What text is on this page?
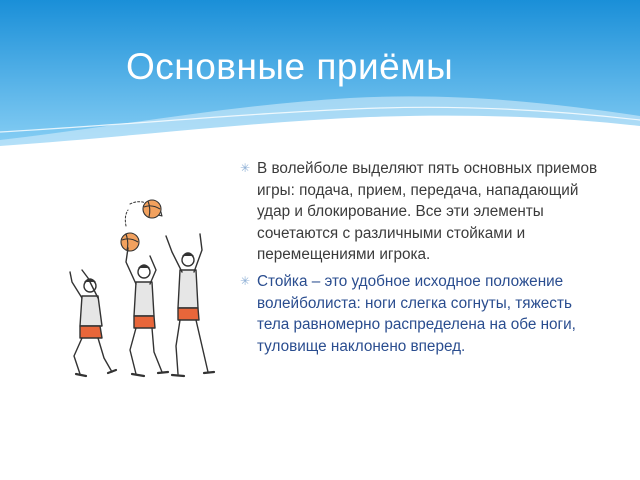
Основные приёмы
✳ В волейболе выделяют пять основных приемов игры: подача, прием, передача, нападающий удар и блокирование. Все эти элементы сочетаются с различными стойками и перемещениями игрока.
✳ Стойка – это удобное исходное положение волейболиста: ноги слегка согнуты, тяжесть тела равномерно распределена на обе ноги, туловище наклонено вперед.
